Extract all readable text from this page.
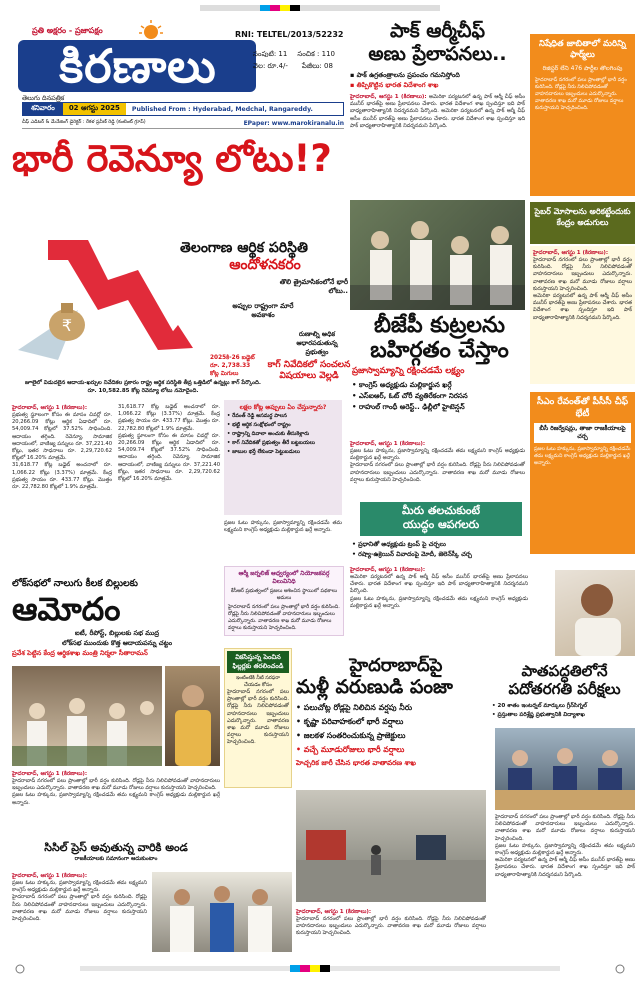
ప్రతి అక్షరం - ప్రజాపక్షం
కిరణాలు
తెలుగు దినపత్రిక
RNI: TELTEL/2013/52232
సంపుటి: 11 సంచిక : 110
వెల: రూ.4/- పేజీలు: 08
శనివారం	02 ఆగస్టు 2025	Published From : Hyderabad, Medchal, Rangareddy.
చీఫ్ ఎడిటర్ & మేనేజింగ్ డైరెక్టర్ : రేకళ ప్రవీణ్ రెడ్డి (కంటెంట్ గ్రూప్)	EPaper: www.marokiranalu.in
పాక్ ఆర్మీచీఫ్
అణు ప్రేలాపనలు..
▪ పాక్ ఉగ్రతంత్రాలను ప్రపంచం గమనిస్తోంది
▪ తిప్పికొట్టిన భారత విదేశాంగ శాఖ
హైదరాబాద్, ఆగస్టు 1 (కిరణాలు): అమెరికా పర్యటనలో ఉన్న పాక్ ఆర్మీ చీఫ్ అసీం మునీర్ భారత్‌పై అణు ప్రేలాపనలు చేశారు. భారత విదేశాంగ శాఖ స్పందిస్తూ ఇది పాక్ బాధ్యతారాహిత్యానికి నిదర్శనమని పేర్కొంది. అమెరికా పర్యటనలో ఉన్న పాక్ ఆర్మీ చీఫ్ అసీం మునీర్ భారత్‌పై అణు ప్రేలాపనలు చేశారు. భారత విదేశాంగ శాఖ స్పందిస్తూ ఇది పాక్ బాధ్యతారాహిత్యానికి నిదర్శనమని పేర్కొంది.
నిషేధిత జాబితాలో మరిన్ని ఫార్మ్‌లు
రిజిస్టర్ లేని 476 పార్టీల తొలగింపు
హైదరాబాద్ నగరంలో పలు ప్రాంతాల్లో భారీ వర్షం కురిసింది. రోడ్లపై నీరు నిలిచిపోవడంతో వాహనదారులు ఇబ్బందులు ఎదుర్కొన్నారు. వాతావరణ శాఖ మరో మూడు రోజులు వర్షాలు కురుస్తాయని హెచ్చరించింది.
సైబర్ మోసాలను అరికట్టేందుకు కేంద్రం అడుగులు
హైదరాబాద్, ఆగస్టు 1 (కిరణాలు):
హైదరాబాద్ నగరంలో పలు ప్రాంతాల్లో భారీ వర్షం కురిసింది. రోడ్లపై నీరు నిలిచిపోవడంతో వాహనదారులు ఇబ్బందులు ఎదుర్కొన్నారు. వాతావరణ శాఖ మరో మూడు రోజులు వర్షాలు కురుస్తాయని హెచ్చరించింది.
అమెరికా పర్యటనలో ఉన్న పాక్ ఆర్మీ చీఫ్ అసీం మునీర్ భారత్‌పై అణు ప్రేలాపనలు చేశారు. భారత విదేశాంగ శాఖ స్పందిస్తూ ఇది పాక్ బాధ్యతారాహిత్యానికి నిదర్శనమని పేర్కొంది.
సీఎం రేవంత్‌తో పీసీసీ చీఫ్ భేటీ
బీసీ రిజర్వేషన్లు, తాజా రాజకీయాలపై చర్చ
ప్రజల ఓటు హక్కును, ప్రజాస్వామ్యాన్ని రక్షించడమే తమ లక్ష్యమని కాంగ్రెస్ అధ్యక్షుడు మల్లికార్జున ఖర్గే అన్నారు.
భారీ రెవెన్యూ లోటు!?
₹
తెలంగాణ ఆర్థిక పరిస్థితి
ఆందోళనకరం
తొలి త్రైమాసికంలోనే భారీ లోటు..
అప్పుల రాష్ట్రంగా మారే అవకాశం
రుణాల్ని అధిక ఆధారపడుతున్న ప్రభుత్వం
కాగ్ నివేదికలో సంచలన విషయాలు వెల్లడి
2025కి-26 బడ్జెట్ రూ. 2,738.33 కోట్ల మిగులు
జూలైలో విడుదలైన ఆదాయ-ఖర్చుల నివేదికల ప్రకారం రాష్ట్ర ఆర్థిక పరిస్థితి తీవ్ర ఒత్తిడిలో ఉన్నట్లు కాగ్ పేర్కొంది. రూ. 10,582.85 కోట్ల రెవెన్యూ లోటు నమోదైంది.
హైదరాబాద్, ఆగస్టు 1 (కిరణాలు):
ప్రభుత్వ స్థూలంగా కోసం ఈ మాసం చివర్లో రూ. 20,266.09 కోట్లు ఆర్థిక ఏడాదిలో రూ. 54,009.74 కోట్లలో 37.52% సాధించింది. ఆదాయం తగ్గింది. రెవెన్యూ, సామాజిక ఆదాయంలో, వాణిజ్య పన్నులు రూ. 37,221.40 కోట్లు, ఇతర సాధనాలు రూ. 2,29,720.62 కోట్లలో 16.20% మాత్రమే.
31,618.77 కోట్ల బడ్జెట్ అంచనాలో రూ. 1,066.22 కోట్లు (3.37%) మాత్రమే. కేంద్ర ప్రభుత్వ సాయం రూ. 433.77 కోట్లు. మొత్తం రూ. 22,782.80 కోట్లలో 1.9% మాత్రమే.
31,618.77 కోట్ల బడ్జెట్ అంచనాలో రూ. 1,066.22 కోట్లు (3.37%) మాత్రమే. కేంద్ర ప్రభుత్వ సాయం రూ. 433.77 కోట్లు. మొత్తం రూ. 22,782.80 కోట్లలో 1.9% మాత్రమే.
ప్రభుత్వ స్థూలంగా కోసం ఈ మాసం చివర్లో రూ. 20,266.09 కోట్లు ఆర్థిక ఏడాదిలో రూ. 54,009.74 కోట్లలో 37.52% సాధించింది. ఆదాయం తగ్గింది. రెవెన్యూ, సామాజిక ఆదాయంలో, వాణిజ్య పన్నులు రూ. 37,221.40 కోట్లు, ఇతర సాధనాలు రూ. 2,29,720.62 కోట్లలో 16.20% మాత్రమే.
లక్షల కోట్ల అప్పులు ఏం చేస్తున్నారు?
• రేవంత్ రెడ్డి అసమర్థ పాలన
• భట్టి ఆర్థిక సంక్షోభంలో రాష్ట్రం
• రాష్ట్రాన్ని దివాలా అంచుకు తీసుకెళ్లారు
• కాగ్ నివేదికతో ప్రభుత్వం తీరే బట్టబయలు
• జాబుల భర్తీ లేకుండా పెట్టుబడులు
ప్రజల ఓటు హక్కును, ప్రజాస్వామ్యాన్ని రక్షించడమే తమ లక్ష్యమని కాంగ్రెస్ అధ్యక్షుడు మల్లికార్జున ఖర్గే అన్నారు.
బీజేపీ కుట్రలను
బహిర్గతం చేస్తాం
ప్రజాస్వామ్యాన్ని రక్షించడమే లక్ష్యం
• కాంగ్రెస్ అధ్యక్షుడు మల్లికార్జున ఖర్గే
• ఎస్ఐఆర్, ఓట్ చోరీ వ్యతిరేకంగా నిరసన
• రాహుల్ గాంధీ అరెస్ట్.. ఢిల్లీలో హైటెన్షన్
హైదరాబాద్, ఆగస్టు 1 (కిరణాలు):
ప్రజల ఓటు హక్కును, ప్రజాస్వామ్యాన్ని రక్షించడమే తమ లక్ష్యమని కాంగ్రెస్ అధ్యక్షుడు మల్లికార్జున ఖర్గే అన్నారు.
హైదరాబాద్ నగరంలో పలు ప్రాంతాల్లో భారీ వర్షం కురిసింది. రోడ్లపై నీరు నిలిచిపోవడంతో వాహనదారులు ఇబ్బందులు ఎదుర్కొన్నారు. వాతావరణ శాఖ మరో మూడు రోజులు వర్షాలు కురుస్తాయని హెచ్చరించింది.
మీరు తలచుకుంటే
యుద్ధం ఆపగలరు
• ప్రధానితో అధ్యక్షుడు ట్రంప్ పై చర్చలు
• రష్యా-ఉక్రెయిన్ వివాదంపై మోదీ, జెలెన్‌స్కీ చర్చ
హైదరాబాద్, ఆగస్టు 1 (కిరణాలు):
అమెరికా పర్యటనలో ఉన్న పాక్ ఆర్మీ చీఫ్ అసీం మునీర్ భారత్‌పై అణు ప్రేలాపనలు చేశారు. భారత విదేశాంగ శాఖ స్పందిస్తూ ఇది పాక్ బాధ్యతారాహిత్యానికి నిదర్శనమని పేర్కొంది.
ప్రజల ఓటు హక్కును, ప్రజాస్వామ్యాన్ని రక్షించడమే తమ లక్ష్యమని కాంగ్రెస్ అధ్యక్షుడు మల్లికార్జున ఖర్గే అన్నారు.
ఆర్మీ జర్నలిజ్ ఆధ్వర్యంలో నియోజకవర్గ విలువినిధి
కేసీఆర్ ప్రభుత్వంలో ప్రజలు ఆశించిన స్థాయిలో పథకాలు అమలు
హైదరాబాద్ నగరంలో పలు ప్రాంతాల్లో భారీ వర్షం కురిసింది. రోడ్లపై నీరు నిలిచిపోవడంతో వాహనదారులు ఇబ్బందులు ఎదుర్కొన్నారు. వాతావరణ శాఖ మరో మూడు రోజులు వర్షాలు కురుస్తాయని హెచ్చరించింది.
లోక్‌సభలో నాలుగు కీలక బిల్లులకు
ఆమోదం
ఐటీ, రీపోస్ట్, బిల్లులకు సభ ముద్ర
లోక్‌సభ ముందుకు కొత్త ఆదాయపన్ను చట్టం
ప్రవేశ పెట్టిన కేంద్ర ఆర్థికశాఖ మంత్రి నిర్మలా సీతారామన్
హైదరాబాద్, ఆగస్టు 1 (కిరణాలు):
హైదరాబాద్ నగరంలో పలు ప్రాంతాల్లో భారీ వర్షం కురిసింది. రోడ్లపై నీరు నిలిచిపోవడంతో వాహనదారులు ఇబ్బందులు ఎదుర్కొన్నారు. వాతావరణ శాఖ మరో మూడు రోజులు వర్షాలు కురుస్తాయని హెచ్చరించింది.
ప్రజల ఓటు హక్కును, ప్రజాస్వామ్యాన్ని రక్షించడమే తమ లక్ష్యమని కాంగ్రెస్ అధ్యక్షుడు మల్లికార్జున ఖర్గే అన్నారు.
వికసిస్తున్న పెంచిన ఫిల్లర్లకు తరలించండి
ఇంటింటికి నీటి సరఫరా చేయడం కోసం
హైదరాబాద్ నగరంలో పలు ప్రాంతాల్లో భారీ వర్షం కురిసింది. రోడ్లపై నీరు నిలిచిపోవడంతో వాహనదారులు ఇబ్బందులు ఎదుర్కొన్నారు. వాతావరణ శాఖ మరో మూడు రోజులు వర్షాలు కురుస్తాయని హెచ్చరించింది.
హైదరాబాద్‌పై
మళ్లీ వరుణుడి పంజా
• పలుచోట్ల రోడ్లపై నిలిచిన వర్షపు నీరు
• కృష్ణా పరివాహకంలో భారీ వర్షాలు
• జలకళ సంతరించుకున్న ప్రాజెక్టులు
• వచ్చే మూడురోజులు భారీ వర్షాలు
హెచ్చరిక జారీ చేసిన భారత వాతావరణ శాఖ
హైదరాబాద్, ఆగస్టు 1 (కిరణాలు):
హైదరాబాద్ నగరంలో పలు ప్రాంతాల్లో భారీ వర్షం కురిసింది. రోడ్లపై నీరు నిలిచిపోవడంతో వాహనదారులు ఇబ్బందులు ఎదుర్కొన్నారు. వాతావరణ శాఖ మరో మూడు రోజులు వర్షాలు కురుస్తాయని హెచ్చరించింది.
పాతపద్ధతిలోనే
పదోతరగతి పరీక్షలు
• 20 శాతం ఇంటర్నల్ మార్కులు గ్రీన్‌సిగ్నల్
• ప్రస్తుతాల పరిశ్లేష్ణ ప్రభుత్వానికి విద్యాశాఖ
హైదరాబాద్ నగరంలో పలు ప్రాంతాల్లో భారీ వర్షం కురిసింది. రోడ్లపై నీరు నిలిచిపోవడంతో వాహనదారులు ఇబ్బందులు ఎదుర్కొన్నారు. వాతావరణ శాఖ మరో మూడు రోజులు వర్షాలు కురుస్తాయని హెచ్చరించింది.
ప్రజల ఓటు హక్కును, ప్రజాస్వామ్యాన్ని రక్షించడమే తమ లక్ష్యమని కాంగ్రెస్ అధ్యక్షుడు మల్లికార్జున ఖర్గే అన్నారు.
అమెరికా పర్యటనలో ఉన్న పాక్ ఆర్మీ చీఫ్ అసీం మునీర్ భారత్‌పై అణు ప్రేలాపనలు చేశారు. భారత విదేశాంగ శాఖ స్పందిస్తూ ఇది పాక్ బాధ్యతారాహిత్యానికి నిదర్శనమని పేర్కొంది.
సిసిల్ ప్రెస్ అవుతున్న వారికి అండ
రాజకీయాలకు సమానంగా ఆదుకుంటాం
హైదరాబాద్, ఆగస్టు 1 (కిరణాలు):
ప్రజల ఓటు హక్కును, ప్రజాస్వామ్యాన్ని రక్షించడమే తమ లక్ష్యమని కాంగ్రెస్ అధ్యక్షుడు మల్లికార్జున ఖర్గే అన్నారు.
హైదరాబాద్ నగరంలో పలు ప్రాంతాల్లో భారీ వర్షం కురిసింది. రోడ్లపై నీరు నిలిచిపోవడంతో వాహనదారులు ఇబ్బందులు ఎదుర్కొన్నారు. వాతావరణ శాఖ మరో మూడు రోజులు వర్షాలు కురుస్తాయని హెచ్చరించింది.
